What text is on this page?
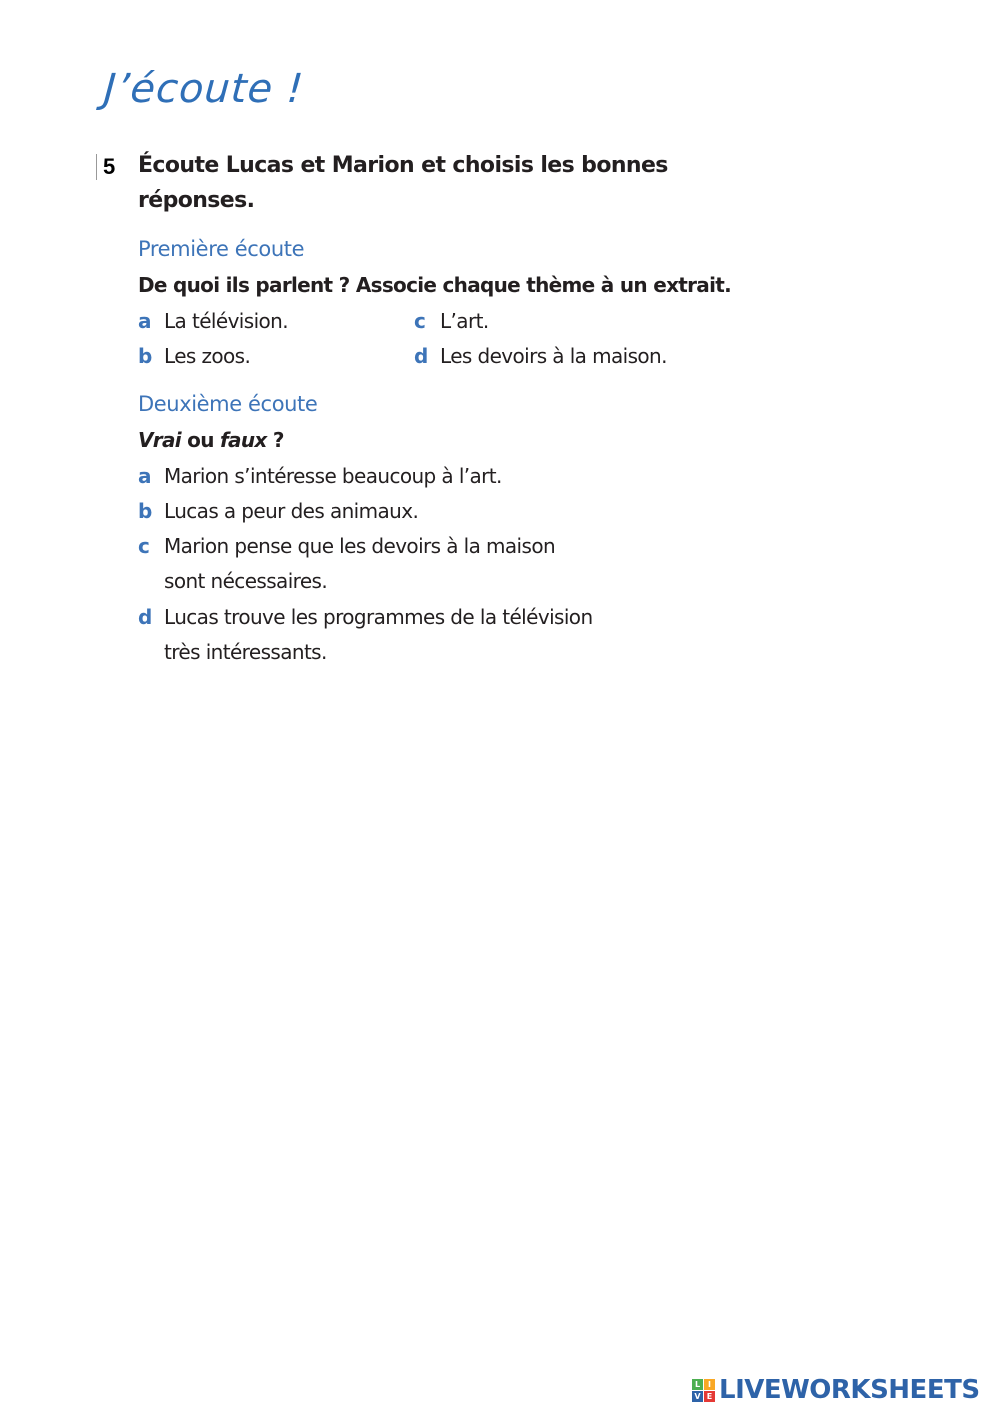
J’écoute !
5 Écoute Lucas et Marion et choisis les bonnes réponses.
Première écoute
De quoi ils parlent ? Associe chaque thème à un extrait.
a La télévision.
b Les zoos.
c L’art.
d Les devoirs à la maison.
Deuxième écoute
Vrai ou faux ?
a Marion s’intéresse beaucoup à l’art.
b Lucas a peur des animaux.
c Marion pense que les devoirs à la maison
sont nécessaires.
d Lucas trouve les programmes de la télévision
très intéressants.
L I
V E LIVEWORKSHEETS
